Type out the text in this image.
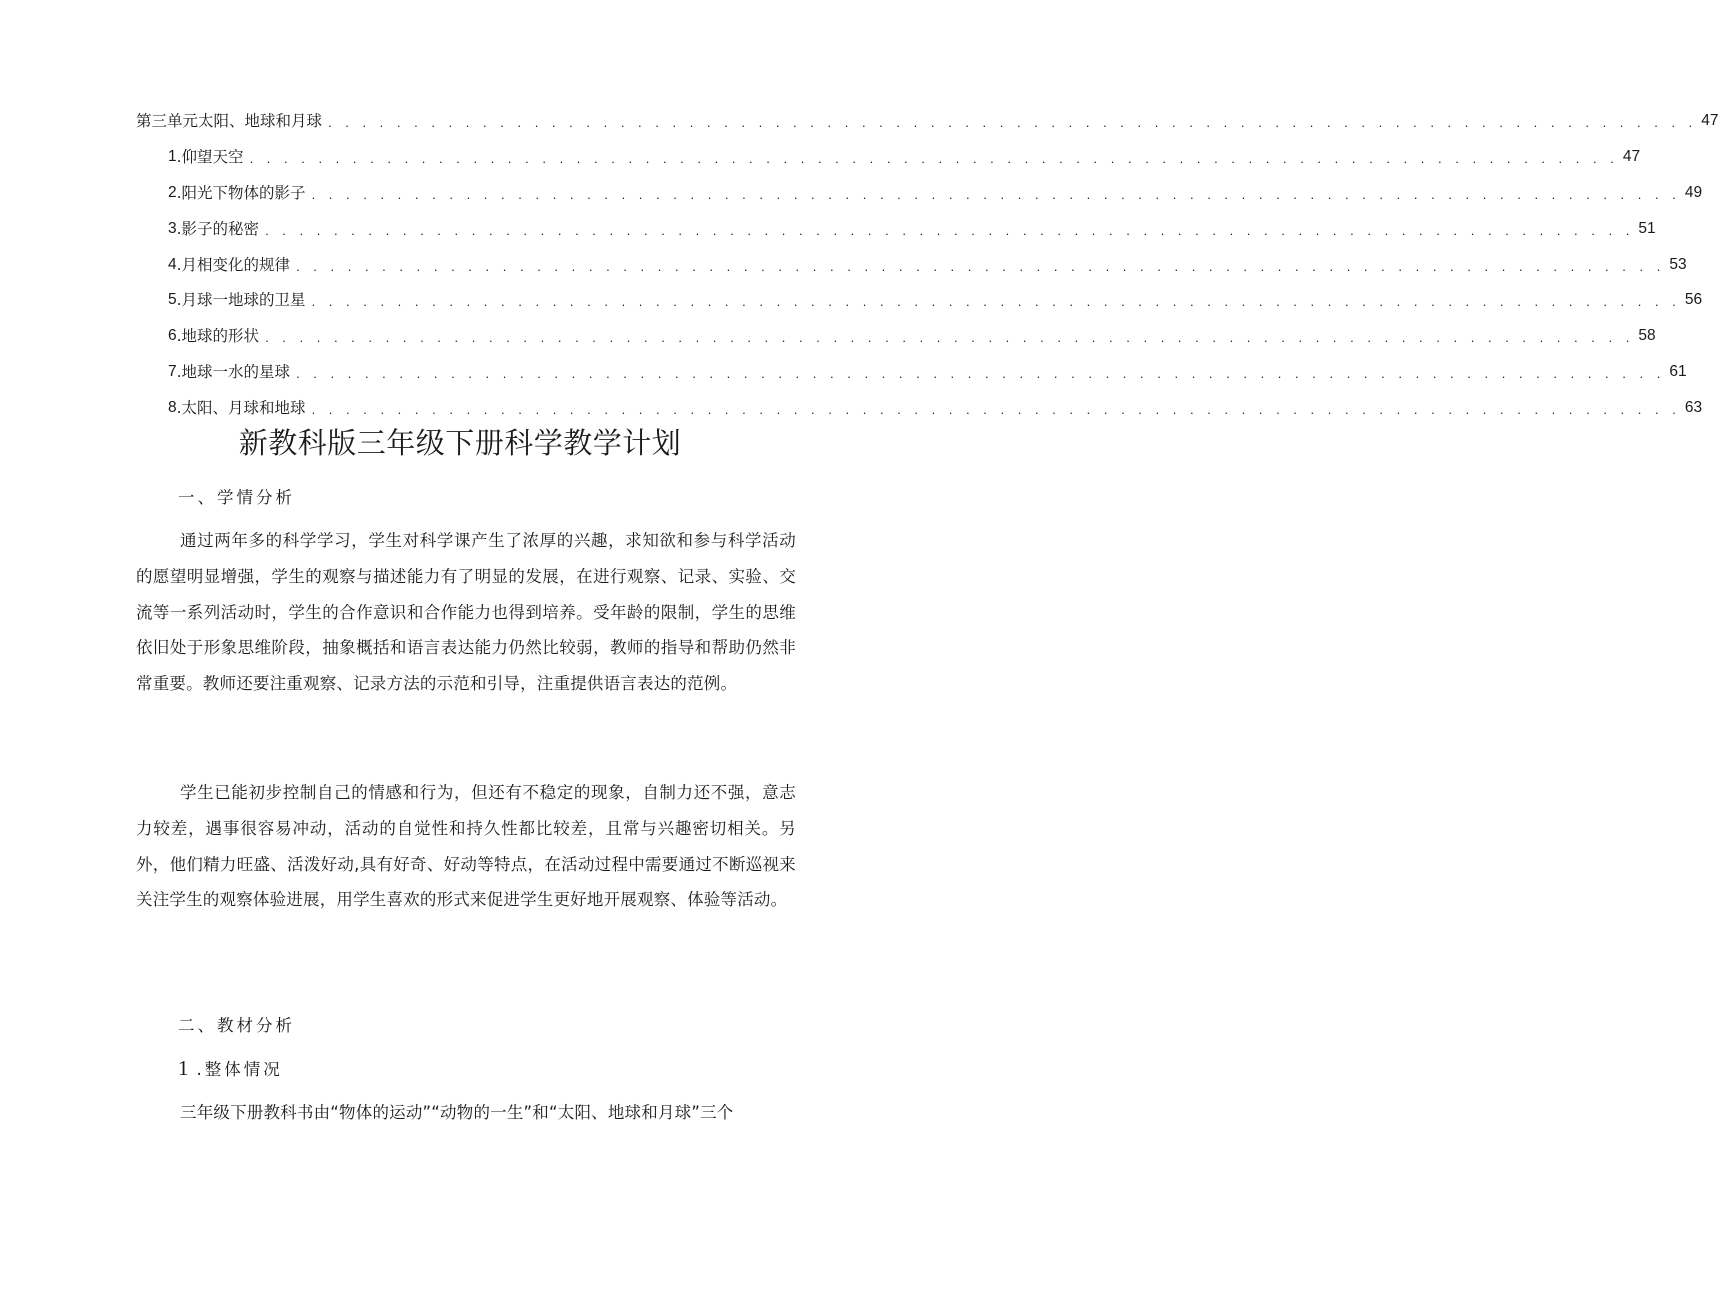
第三单元太阳、地球和月球 . . . . . . . . . . . . . . . . . . . . . . . . . . . . . . . . . . . . . . . . . . . . . . . . . . . . . . . . . . . . . . . . . . . . . . . . . . . . . . . . 47
1 .仰望天空 . . . . . . . . . . . . . . . . . . . . . . . . . . . . . . . . . . . . . . . . . . . . . . . . . . . . . . . . . . . . . . . . . . . . . . . . . . . . . . . . 47
2 .阳光下物体的影子 . . . . . . . . . . . . . . . . . . . . . . . . . . . . . . . . . . . . . . . . . . . . . . . . . . . . . . . . . . . . . . . . . . . . . . . . . . . . . . . . 49
3 .影子的秘密 . . . . . . . . . . . . . . . . . . . . . . . . . . . . . . . . . . . . . . . . . . . . . . . . . . . . . . . . . . . . . . . . . . . . . . . . . . . . . . . . 51
4 .月相变化的规律 . . . . . . . . . . . . . . . . . . . . . . . . . . . . . . . . . . . . . . . . . . . . . . . . . . . . . . . . . . . . . . . . . . . . . . . . . . . . . . . . 53
5 .月球一地球的卫星 . . . . . . . . . . . . . . . . . . . . . . . . . . . . . . . . . . . . . . . . . . . . . . . . . . . . . . . . . . . . . . . . . . . . . . . . . . . . . . . . 56
6 .地球的形状 . . . . . . . . . . . . . . . . . . . . . . . . . . . . . . . . . . . . . . . . . . . . . . . . . . . . . . . . . . . . . . . . . . . . . . . . . . . . . . . . 58
7 .地球一水的星球 . . . . . . . . . . . . . . . . . . . . . . . . . . . . . . . . . . . . . . . . . . . . . . . . . . . . . . . . . . . . . . . . . . . . . . . . . . . . . . . . 61
8 .太阳、月球和地球 . . . . . . . . . . . . . . . . . . . . . . . . . . . . . . . . . . . . . . . . . . . . . . . . . . . . . . . . . . . . . . . . . . . . . . . . . . . . . . . . 63
新教科版三年级下册科学教学计划
一、学情分析
通过两年多的科学学习，学生对科学课产生了浓厚的兴趣，求知欲和参与科学活动的愿望明显增强，学生的观察与描述能力有了明显的发展，在进行观察、记录、实验、交流等一系列活动时，学生的合作意识和合作能力也得到培养。受年龄的限制，学生的思维依旧处于形象思维阶段，抽象概括和语言表达能力仍然比较弱，教师的指导和帮助仍然非常重要。教师还要注重观察、记录方法的示范和引导，注重提供语言表达的范例。
学生已能初步控制自己的情感和行为，但还有不稳定的现象，自制力还不强，意志力较差，遇事很容易冲动，活动的自觉性和持久性都比较差，且常与兴趣密切相关。另外，他们精力旺盛、活泼好动,具有好奇、好动等特点，在活动过程中需要通过不断巡视来关注学生的观察体验进展，用学生喜欢的形式来促进学生更好地开展观察、体验等活动。
二、教材分析
1 .整体情况
三年级下册教科书由“物体的运动”“动物的一生”和“太阳、地球和月球”三个
